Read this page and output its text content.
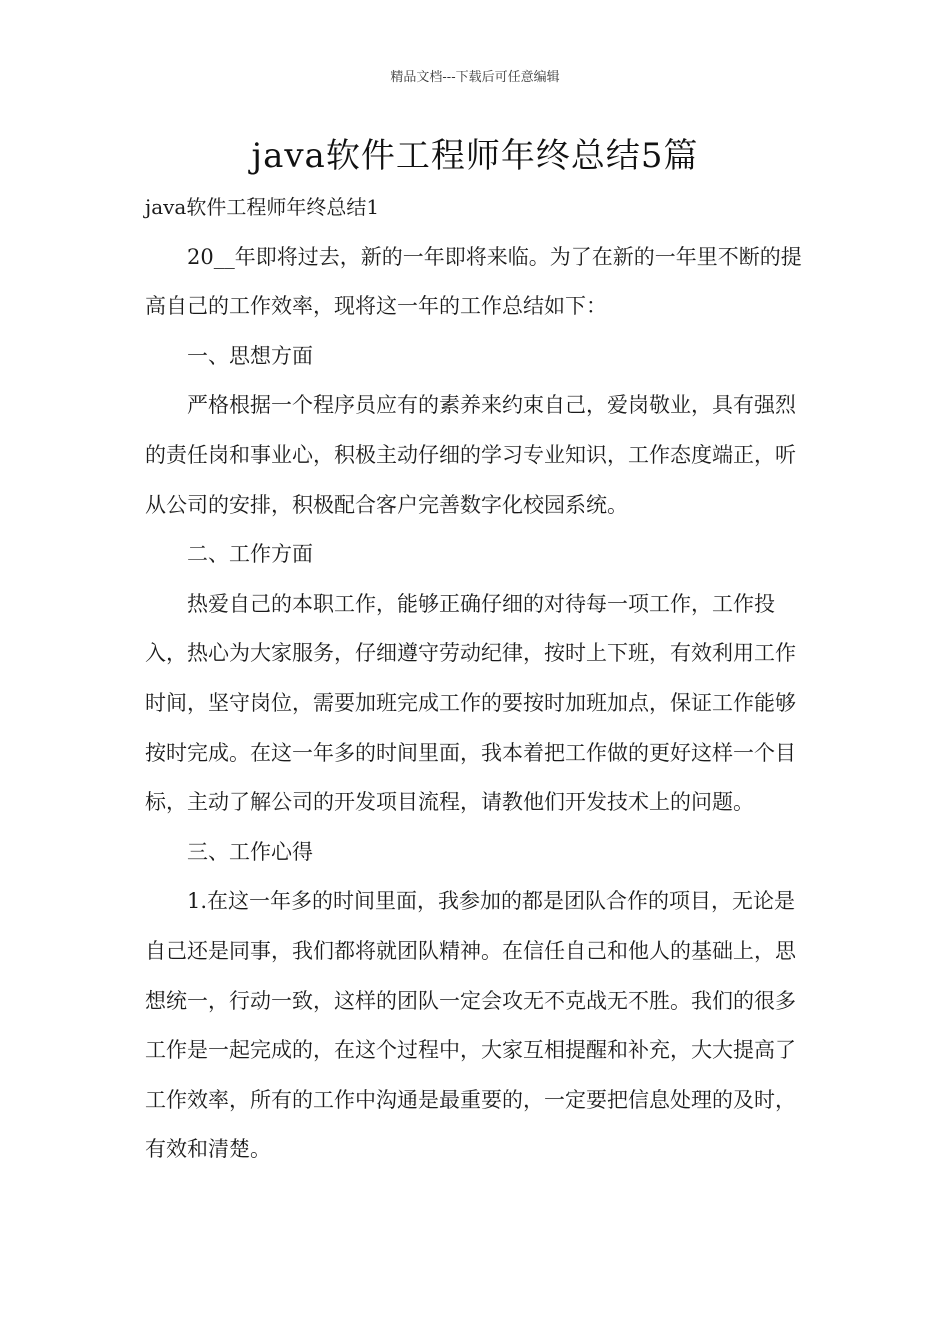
精品文档---下载后可任意编辑
java软件工程师年终总结5篇

java软件工程师年终总结1

20__年即将过去，新的一年即将来临。为了在新的一年里不断的提高自己的工作效率，现将这一年的工作总结如下：

一、思想方面

严格根据一个程序员应有的素养来约束自己，爱岗敬业，具有强烈的责任岗和事业心，积极主动仔细的学习专业知识，工作态度端正，听从公司的安排，积极配合客户完善数字化校园系统。

二、工作方面

热爱自己的本职工作，能够正确仔细的对待每一项工作，工作投入，热心为大家服务，仔细遵守劳动纪律，按时上下班，有效利用工作时间，坚守岗位，需要加班完成工作的要按时加班加点，保证工作能够按时完成。在这一年多的时间里面，我本着把工作做的更好这样一个目标，主动了解公司的开发项目流程，请教他们开发技术上的问题。

三、工作心得

1.在这一年多的时间里面，我参加的都是团队合作的项目，无论是自己还是同事，我们都将就团队精神。在信任自己和他人的基础上，思想统一，行动一致，这样的团队一定会攻无不克战无不胜。我们的很多工作是一起完成的，在这个过程中，大家互相提醒和补充，大大提高了工作效率，所有的工作中沟通是最重要的，一定要把信息处理的及时，有效和清楚。
